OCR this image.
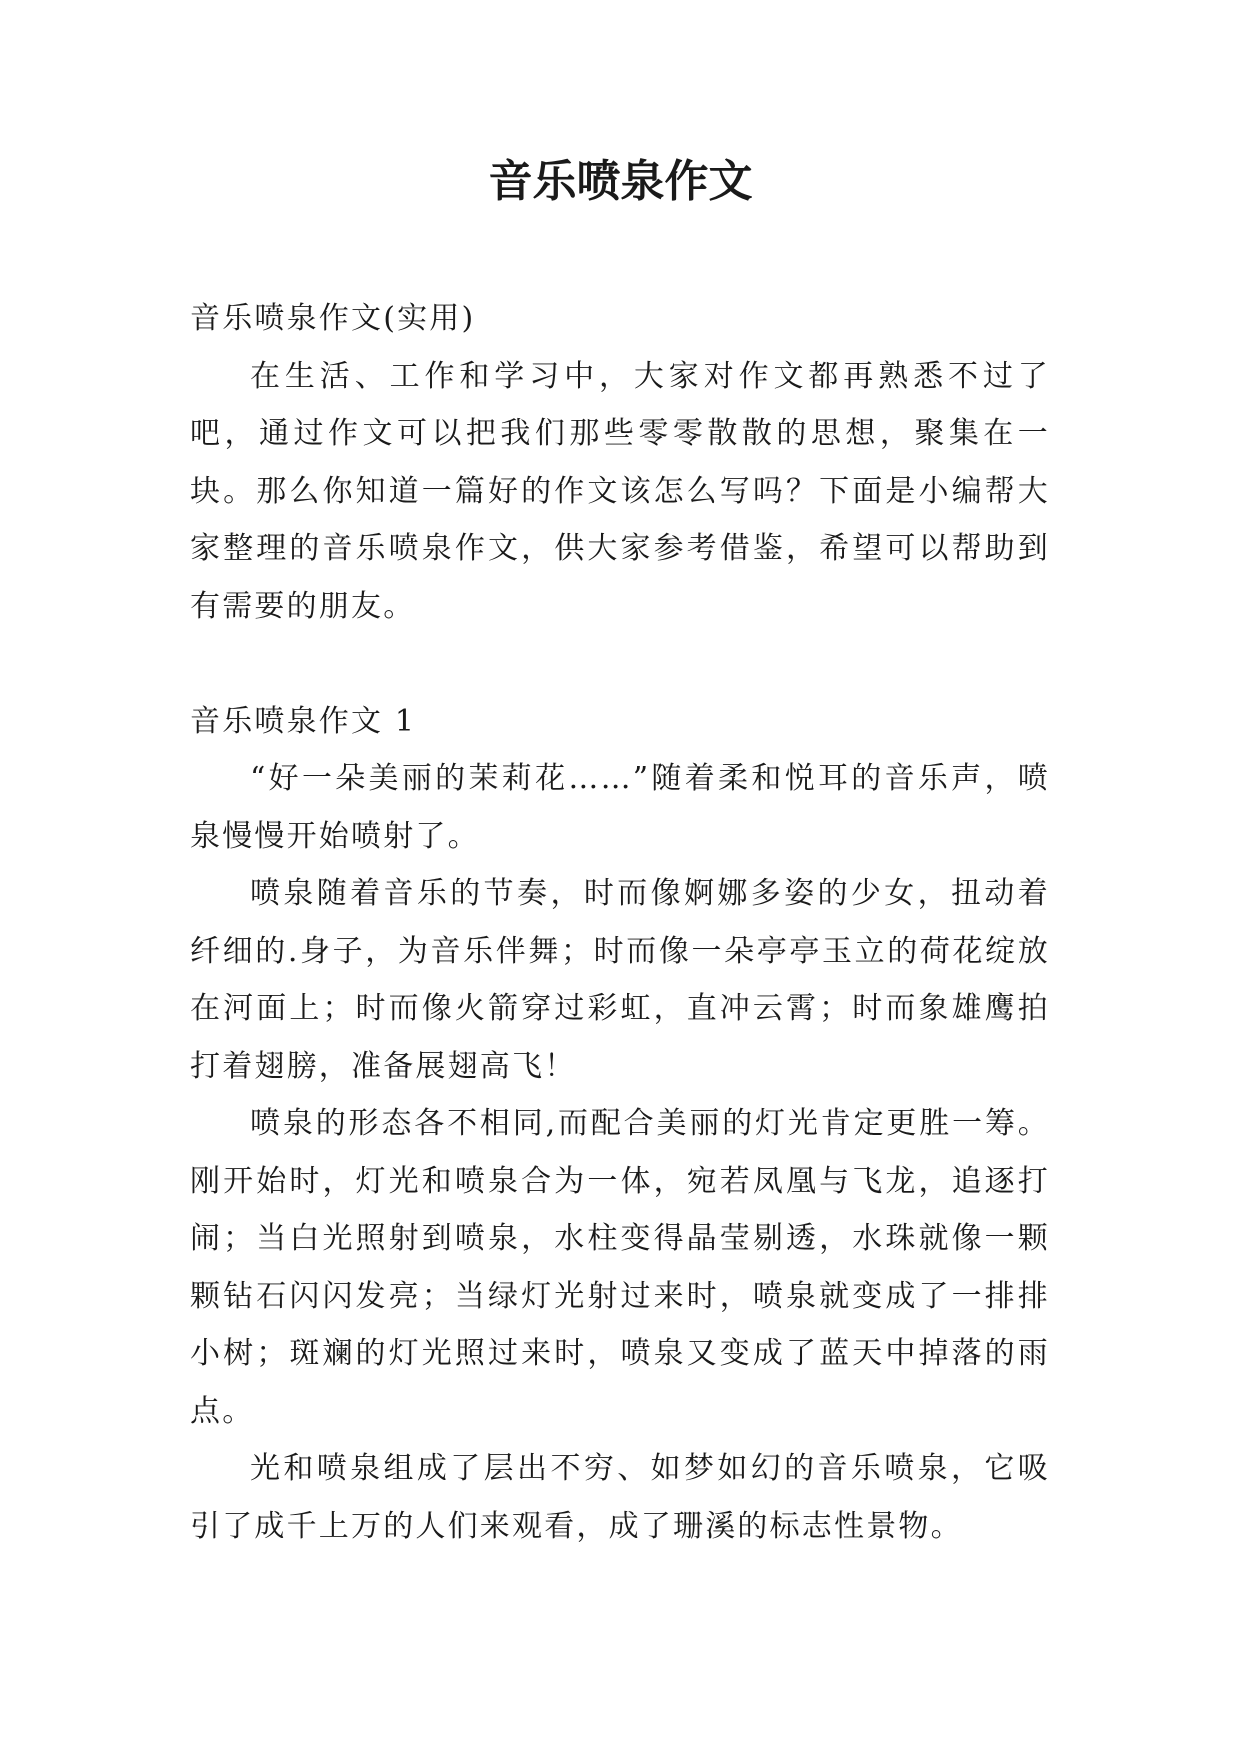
音乐喷泉作文

音乐喷泉作文(实用)

在生活、工作和学习中，大家对作文都再熟悉不过了吧，通过作文可以把我们那些零零散散的思想，聚集在一块。那么你知道一篇好的作文该怎么写吗？下面是小编帮大家整理的音乐喷泉作文，供大家参考借鉴，希望可以帮助到有需要的朋友。

音乐喷泉作文 1

“好一朵美丽的茉莉花……”随着柔和悦耳的音乐声，喷泉慢慢开始喷射了。

喷泉随着音乐的节奏，时而像婀娜多姿的少女，扭动着纤细的.身子，为音乐伴舞；时而像一朵亭亭玉立的荷花绽放在河面上；时而像火箭穿过彩虹，直冲云霄；时而象雄鹰拍打着翅膀，准备展翅高飞！

喷泉的形态各不相同,而配合美丽的灯光肯定更胜一筹。刚开始时，灯光和喷泉合为一体，宛若凤凰与飞龙，追逐打闹；当白光照射到喷泉，水柱变得晶莹剔透，水珠就像一颗颗钻石闪闪发亮；当绿灯光射过来时，喷泉就变成了一排排小树；斑斓的灯光照过来时，喷泉又变成了蓝天中掉落的雨点。

光和喷泉组成了层出不穷、如梦如幻的音乐喷泉，它吸引了成千上万的人们来观看，成了珊溪的标志性景物。
